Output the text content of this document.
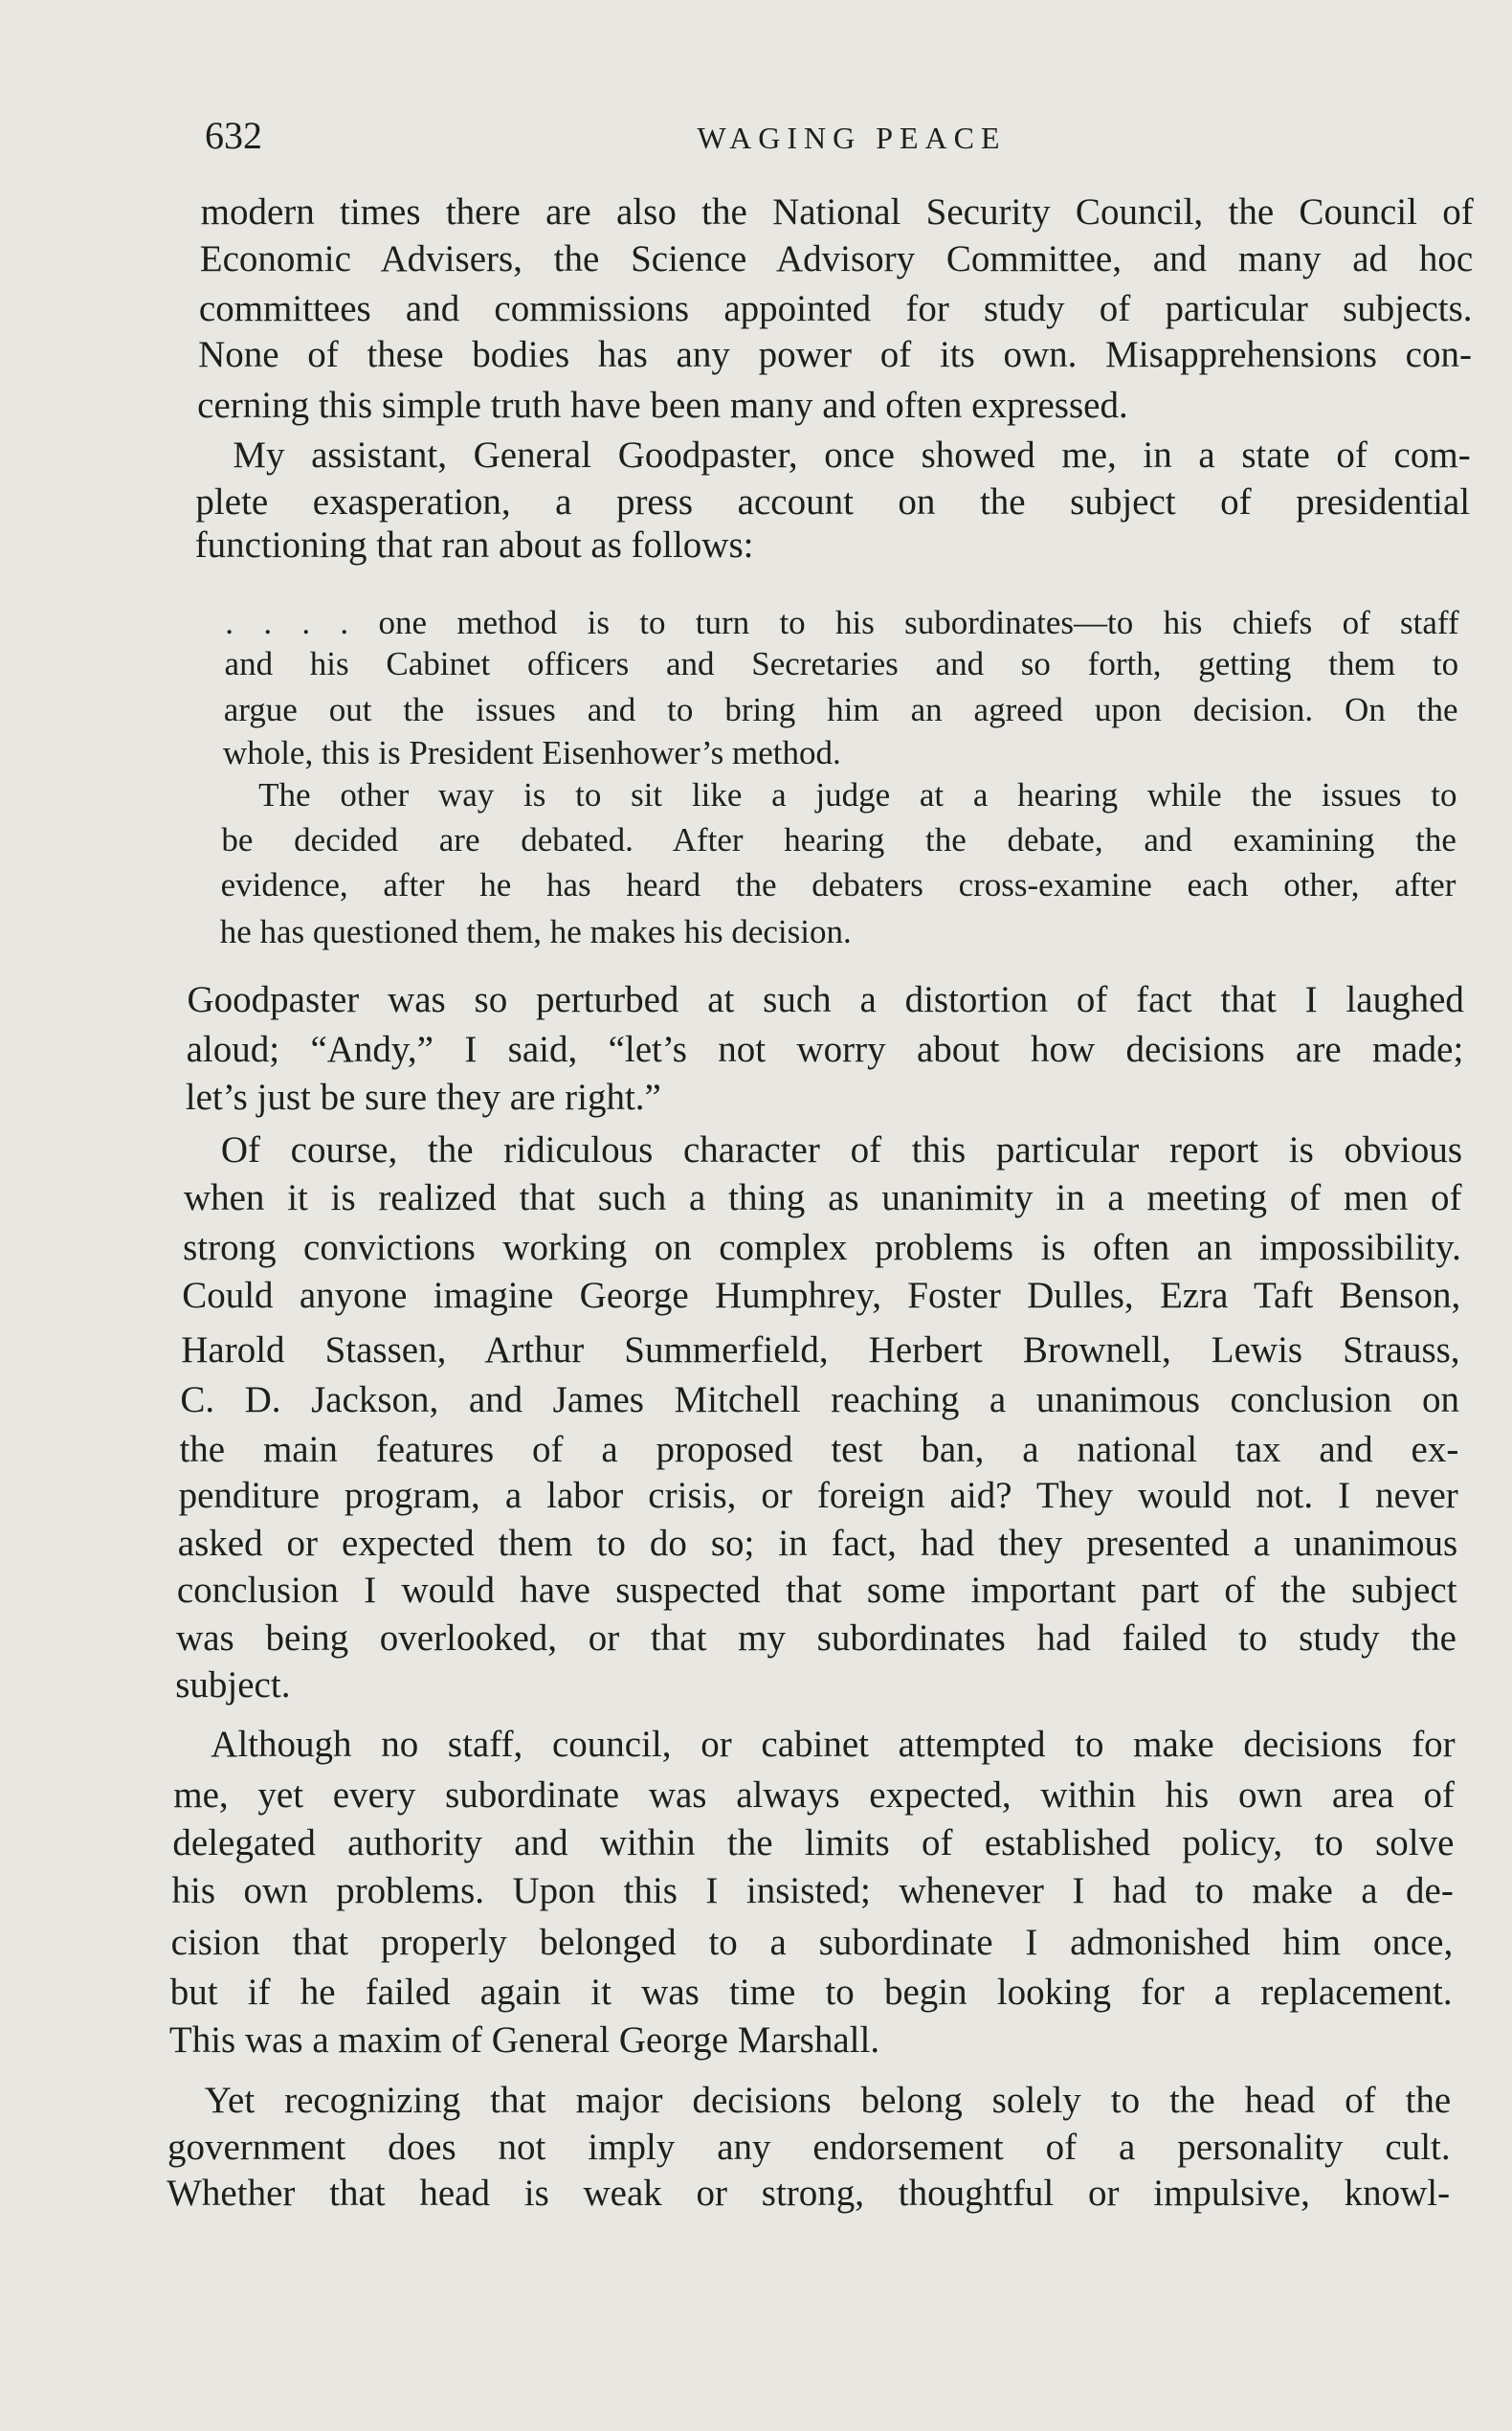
632	WAGING PEACE
modern times there are also the National Security Council, the Council of
Economic Advisers, the Science Advisory Committee, and many ad hoc
committees and commissions appointed for study of particular subjects.
None of these bodies has any power of its own. Misapprehensions con-
cerning this simple truth have been many and often expressed.
My assistant, General Goodpaster, once showed me, in a state of com-
plete exasperation, a press account on the subject of presidential
functioning that ran about as follows:
. . . . one method is to turn to his subordinates—to his chiefs of staff
and his Cabinet officers and Secretaries and so forth, getting them to
argue out the issues and to bring him an agreed upon decision. On the
whole, this is President Eisenhower’s method.
The other way is to sit like a judge at a hearing while the issues to
be decided are debated. After hearing the debate, and examining the
evidence, after he has heard the debaters cross-examine each other, after
he has questioned them, he makes his decision.
Goodpaster was so perturbed at such a distortion of fact that I laughed
aloud; “Andy,” I said, “let’s not worry about how decisions are made;
let’s just be sure they are right.”
Of course, the ridiculous character of this particular report is obvious
when it is realized that such a thing as unanimity in a meeting of men of
strong convictions working on complex problems is often an impossibility.
Could anyone imagine George Humphrey, Foster Dulles, Ezra Taft Benson,
Harold Stassen, Arthur Summerfield, Herbert Brownell, Lewis Strauss,
C. D. Jackson, and James Mitchell reaching a unanimous conclusion on
the main features of a proposed test ban, a national tax and ex-
penditure program, a labor crisis, or foreign aid? They would not. I never
asked or expected them to do so; in fact, had they presented a unanimous
conclusion I would have suspected that some important part of the subject
was being overlooked, or that my subordinates had failed to study the
subject.
Although no staff, council, or cabinet attempted to make decisions for
me, yet every subordinate was always expected, within his own area of
delegated authority and within the limits of established policy, to solve
his own problems. Upon this I insisted; whenever I had to make a de-
cision that properly belonged to a subordinate I admonished him once,
but if he failed again it was time to begin looking for a replacement.
This was a maxim of General George Marshall.
Yet recognizing that major decisions belong solely to the head of the
government does not imply any endorsement of a personality cult.
Whether that head is weak or strong, thoughtful or impulsive, knowl-
